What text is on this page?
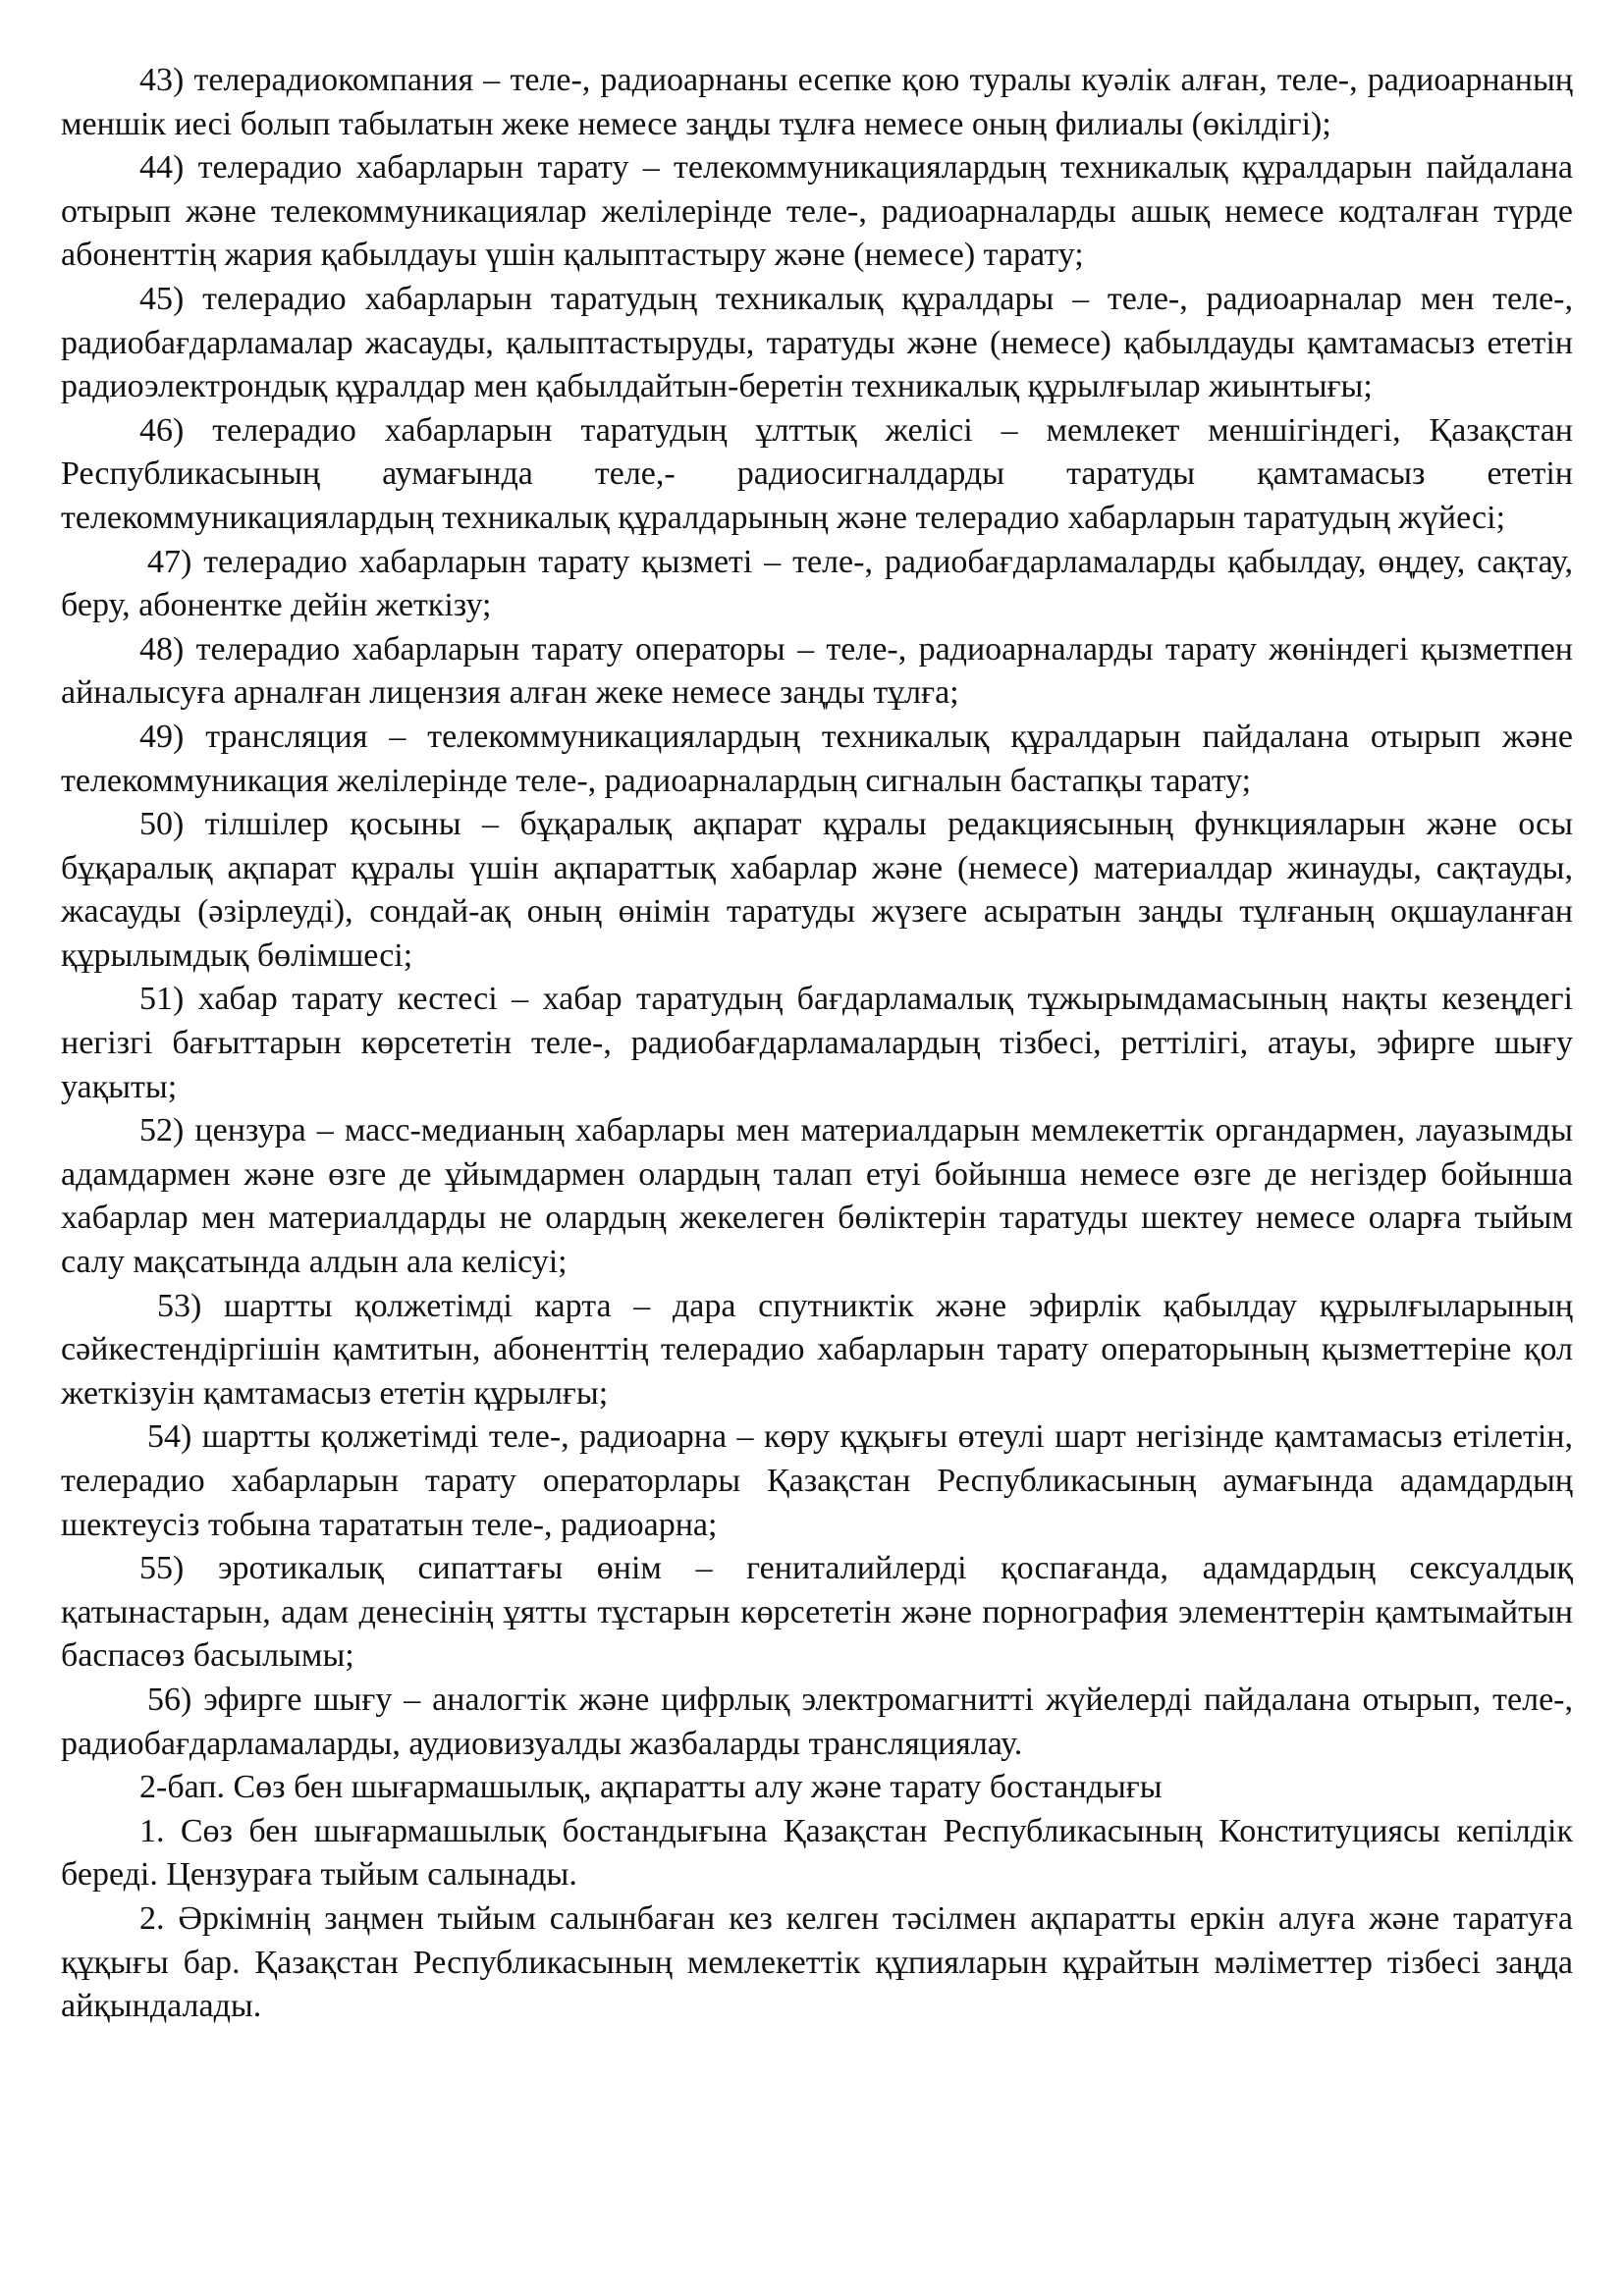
43) телерадиокомпания – теле-, радиоарнаны есепке қою туралы куәлік алған, теле-, радиоарнаның меншік иесі болып табылатын жеке немесе заңды тұлға немесе оның филиалы (өкілдігі);

44) телерадио хабарларын тарату – телекоммуникациялардың техникалық құралдарын пайдалана отырып және телекоммуникациялар желілерінде теле-, радиоарналарды ашық немесе кодталған түрде абоненттің жария қабылдауы үшін қалыптастыру және (немесе) тарату;

45) телерадио хабарларын таратудың техникалық құралдары – теле-, радиоарналар мен теле-, радиобағдарламалар жасауды, қалыптастыруды, таратуды және (немесе) қабылдауды қамтамасыз ететін радиоэлектрондық құралдар мен қабылдайтын-беретін техникалық құрылғылар жиынтығы;

46) телерадио хабарларын таратудың ұлттық желісі – мемлекет меншігіндегі, Қазақстан Республикасының аумағында теле,- радиосигналдарды таратуды қамтамасыз ететін телекоммуникациялардың техникалық құралдарының және телерадио хабарларын таратудың жүйесі;

47) телерадио хабарларын тарату қызметі – теле-, радиобағдарламаларды қабылдау, өңдеу, сақтау, беру, абонентке дейін жеткізу;

48) телерадио хабарларын тарату операторы – теле-, радиоарналарды тарату жөніндегі қызметпен айналысуға арналған лицензия алған жеке немесе заңды тұлға;

49) трансляция – телекоммуникациялардың техникалық құралдарын пайдалана отырып және телекоммуникация желілерінде теле-, радиоарналардың сигналын бастапқы тарату;

50) тілшілер қосыны – бұқаралық ақпарат құралы редакциясының функцияларын және осы бұқаралық ақпарат құралы үшін ақпараттық хабарлар және (немесе) материалдар жинауды, сақтауды, жасауды (әзірлеуді), сондай-ақ оның өнімін таратуды жүзеге асыратын заңды тұлғаның оқшауланған құрылымдық бөлімшесі;

51) хабар тарату кестесі – хабар таратудың бағдарламалық тұжырымдамасының нақты кезеңдегі негізгі бағыттарын көрсететін теле-, радиобағдарламалардың тізбесі, реттілігі, атауы, эфирге шығу уақыты;

52) цензура – масс-медианың хабарлары мен материалдарын мемлекеттік органдармен, лауазымды адамдармен және өзге де ұйымдармен олардың талап етуі бойынша немесе өзге де негіздер бойынша хабарлар мен материалдарды не олардың жекелеген бөліктерін таратуды шектеу немесе оларға тыйым салу мақсатында алдын ала келісуі;

53) шартты қолжетімді карта – дара спутниктік және эфирлік қабылдау құрылғыларының сәйкестендіргішін қамтитын, абоненттің телерадио хабарларын тарату операторының қызметтеріне қол жеткізуін қамтамасыз ететін құрылғы;

54) шартты қолжетімді теле-, радиоарна – көру құқығы өтеулі шарт негізінде қамтамасыз етілетін, телерадио хабарларын тарату операторлары Қазақстан Республикасының аумағында адамдардың шектеусіз тобына тарататын теле-, радиоарна;

55) эротикалық сипаттағы өнім – гениталийлерді қоспағанда, адамдардың сексуалдық қатынастарын, адам денесінің ұятты тұстарын көрсететін және порнография элементтерін қамтымайтын баспасөз басылымы;

56) эфирге шығу – аналогтік және цифрлық электромагнитті жүйелерді пайдалана отырып, теле-, радиобағдарламаларды, аудиовизуалды жазбаларды трансляциялау.

2-бап. Сөз бен шығармашылық, ақпаратты алу және тарату бостандығы

1. Сөз бен шығармашылық бостандығына Қазақстан Республикасының Конституциясы кепілдік береді. Цензураға тыйым салынады.

2. Әркімнің заңмен тыйым салынбаған кез келген тәсілмен ақпаратты еркін алуға және таратуға құқығы бар. Қазақстан Республикасының мемлекеттік құпияларын құрайтын мәліметтер тізбесі заңда айқындалады.
